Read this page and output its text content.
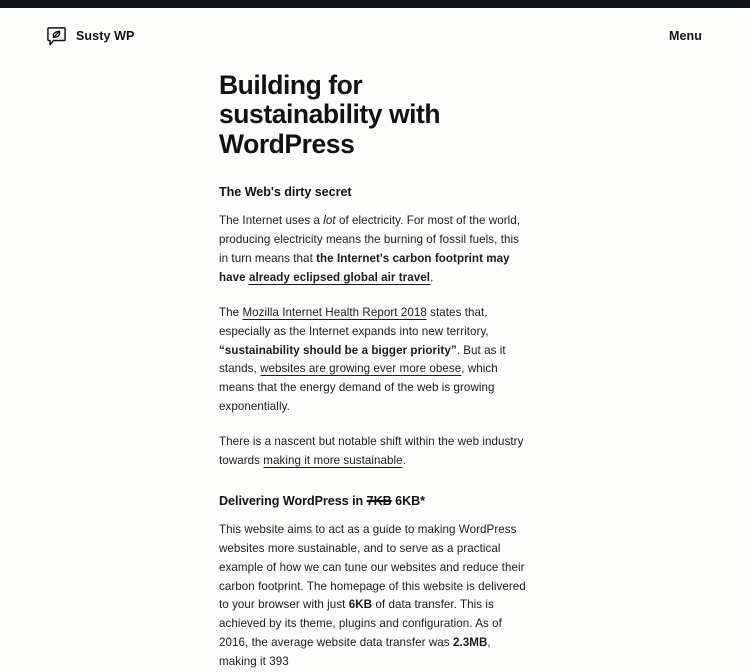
Susty WP	Menu
Building for sustainability with WordPress
The Web's dirty secret

The Internet uses a lot of electricity. For most of the world, producing electricity means the burning of fossil fuels, this in turn means that the Internet's carbon footprint may have already eclipsed global air travel.

The Mozilla Internet Health Report 2018 states that, especially as the Internet expands into new territory, “sustainability should be a bigger priority”. But as it stands, websites are growing ever more obese, which means that the energy demand of the web is growing exponentially.

There is a nascent but notable shift within the web industry towards making it more sustainable.

Delivering WordPress in 7KB 6KB*

This website aims to act as a guide to making WordPress websites more sustainable, and to serve as a practical example of how we can tune our websites and reduce their carbon footprint. The homepage of this website is delivered to your browser with just 6KB of data transfer. This is achieved by its theme, plugins and configuration. As of 2016, the average website data transfer was 2.3MB, making it 393
